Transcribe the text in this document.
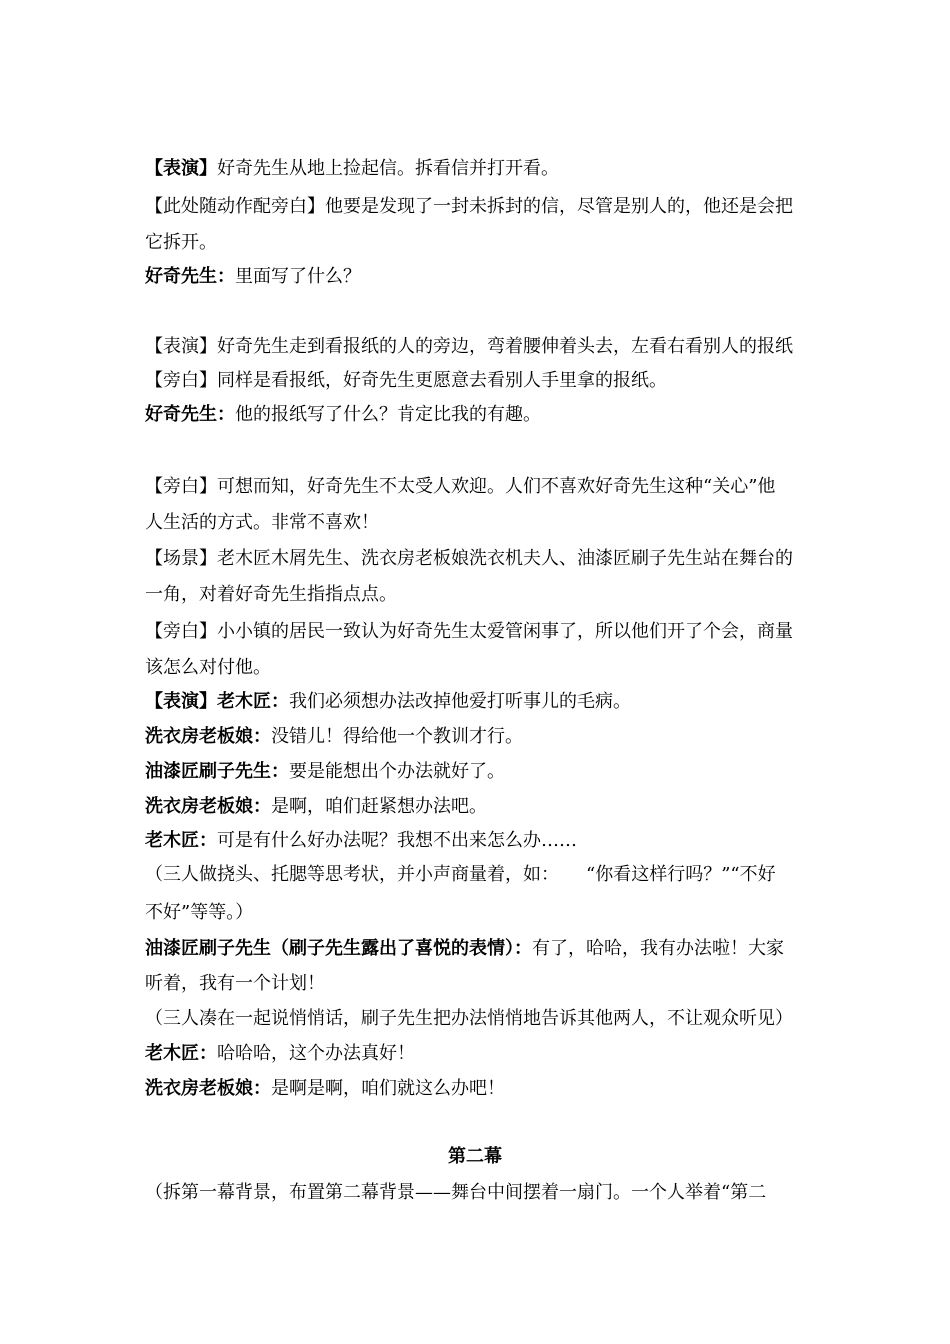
【表演】好奇先生从地上捡起信。拆看信并打开看。
【此处随动作配旁白】他要是发现了一封未拆封的信，尽管是别人的，他还是会把
它拆开。
好奇先生：里面写了什么？
【表演】好奇先生走到看报纸的人的旁边，弯着腰伸着头去，左看右看别人的报纸
【旁白】同样是看报纸，好奇先生更愿意去看别人手里拿的报纸。
好奇先生：他的报纸写了什么？肯定比我的有趣。
【旁白】可想而知，好奇先生不太受人欢迎。人们不喜欢好奇先生这种“关心”他
人生活的方式。非常不喜欢！
【场景】老木匠木屑先生、洗衣房老板娘洗衣机夫人、油漆匠刷子先生站在舞台的
一角，对着好奇先生指指点点。
【旁白】小小镇的居民一致认为好奇先生太爱管闲事了，所以他们开了个会，商量
该怎么对付他。
【表演】老木匠：我们必须想办法改掉他爱打听事儿的毛病。
洗衣房老板娘：没错儿！得给他一个教训才行。
油漆匠刷子先生：要是能想出个办法就好了。
洗衣房老板娘：是啊，咱们赶紧想办法吧。
老木匠：可是有什么好办法呢？我想不出来怎么办……
（三人做挠头、托腮等思考状，并小声商量着，如：　　“你看这样行吗？”“不好
不好”等等。）
油漆匠刷子先生（刷子先生露出了喜悦的表情）：有了，哈哈，我有办法啦！大家
听着，我有一个计划！
（三人凑在一起说悄悄话，刷子先生把办法悄悄地告诉其他两人，不让观众听见）
老木匠：哈哈哈，这个办法真好！
洗衣房老板娘：是啊是啊，咱们就这么办吧！
第二幕
（拆第一幕背景，布置第二幕背景——舞台中间摆着一扇门。一个人举着“第二
